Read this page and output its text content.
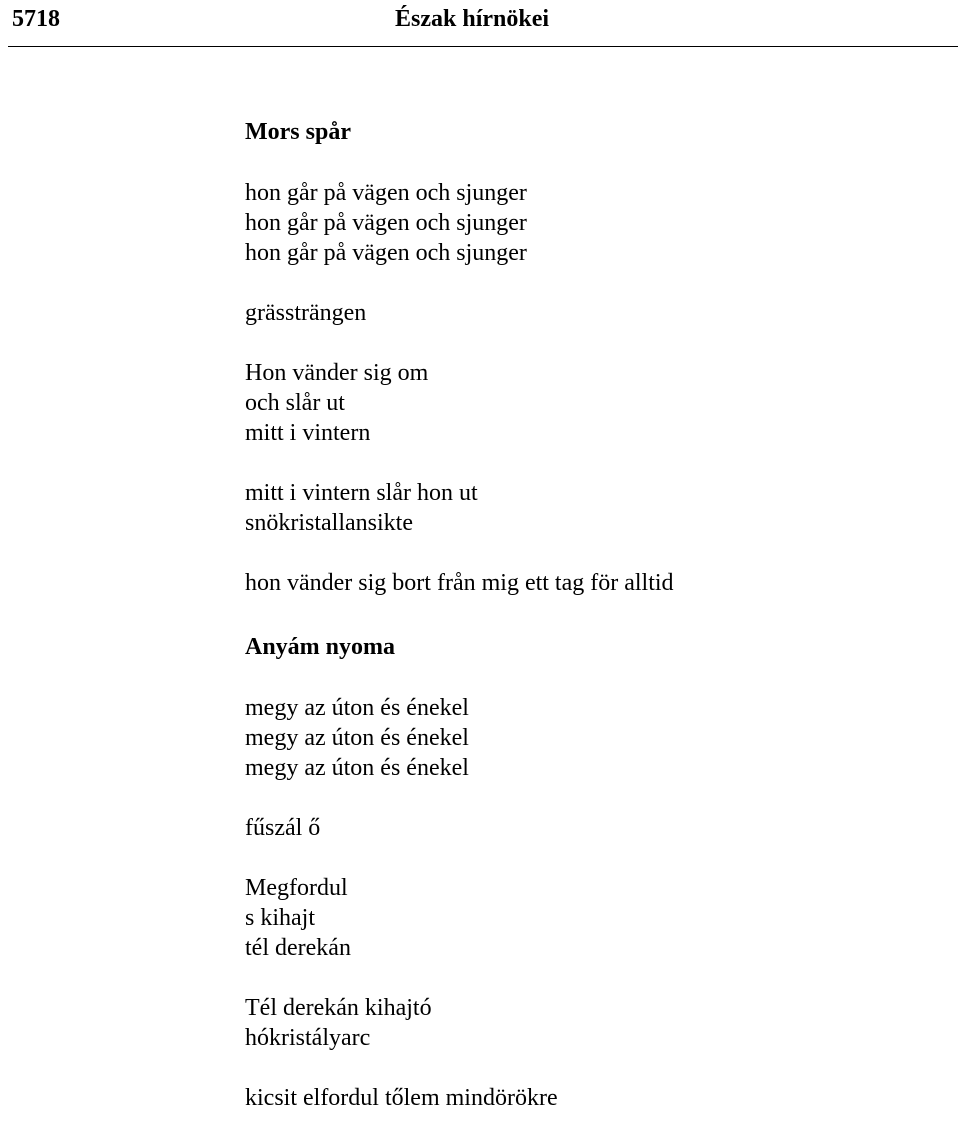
5718	Észak hírnökei

Mors spår

hon går på vägen och sjunger
hon går på vägen och sjunger
hon går på vägen och sjunger

grässträngen

Hon vänder sig om
och slår ut
mitt i vintern

mitt i vintern slår hon ut
snökristallansikte

hon vänder sig bort från mig ett tag för alltid

Anyám nyoma

megy az úton és énekel
megy az úton és énekel
megy az úton és énekel

fűszál ő

Megfordul
s kihajt
tél derekán

Tél derekán kihajtó
hókristályarc

kicsit elfordul tőlem mindörökre
